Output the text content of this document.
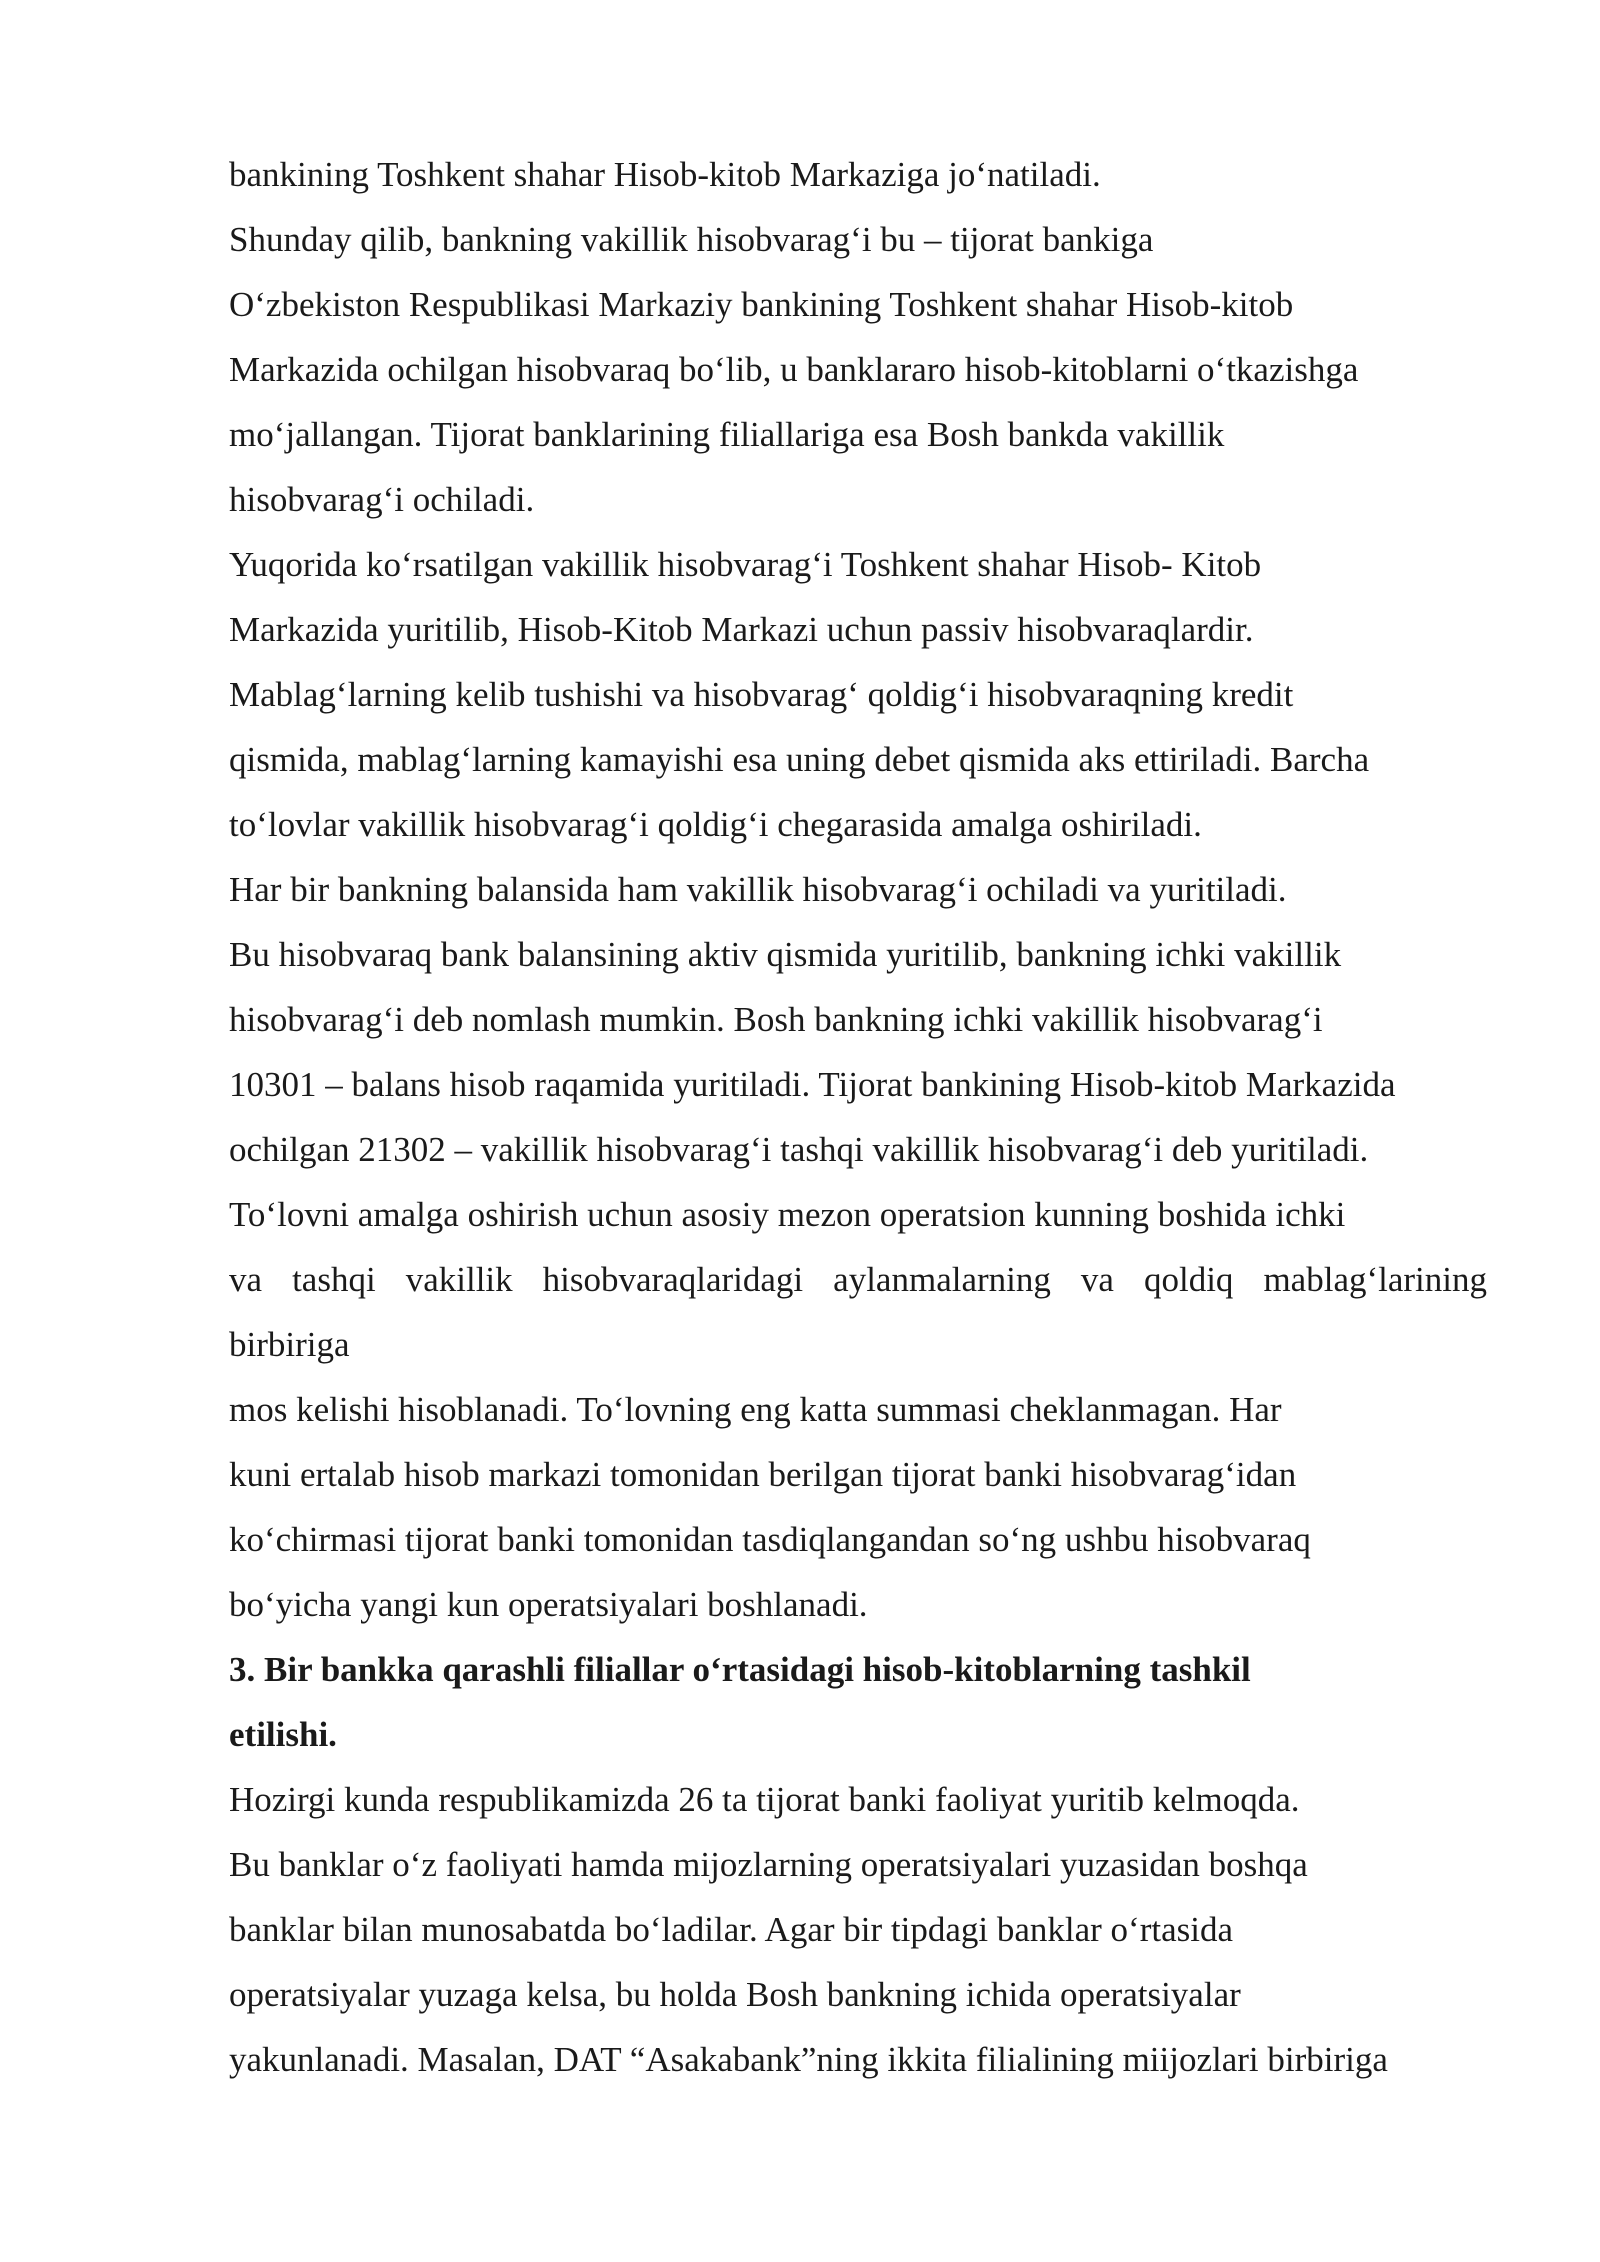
bankining Toshkent shahar Hisob-kitob Markaziga jo‘natiladi.

Shunday qilib, bankning vakillik hisobvarag‘i bu – tijorat bankiga

O‘zbekiston Respublikasi Markaziy bankining Toshkent shahar Hisob-kitob

Markazida ochilgan hisobvaraq bo‘lib, u banklararo hisob-kitoblarni o‘tkazishga

mo‘jallangan. Tijorat banklarining filiallariga esa Bosh bankda vakillik

hisobvarag‘i ochiladi.

Yuqorida ko‘rsatilgan vakillik hisobvarag‘i Toshkent shahar Hisob- Kitob

Markazida yuritilib, Hisob-Kitob Markazi uchun passiv hisobvaraqlardir.

Mablag‘larning kelib tushishi va hisobvarag‘ qoldig‘i hisobvaraqning kredit

qismida, mablag‘larning kamayishi esa uning debet qismida aks ettiriladi. Barcha

to‘lovlar vakillik hisobvarag‘i qoldig‘i chegarasida amalga oshiriladi.

Har bir bankning balansida ham vakillik hisobvarag‘i ochiladi va yuritiladi.

Bu hisobvaraq bank balansining aktiv qismida yuritilib, bankning ichki vakillik

hisobvarag‘i deb nomlash mumkin. Bosh bankning ichki vakillik hisobvarag‘i

10301 – balans hisob raqamida yuritiladi. Tijorat bankining Hisob-kitob Markazida

ochilgan 21302 – vakillik hisobvarag‘i tashqi vakillik hisobvarag‘i deb yuritiladi.

To‘lovni amalga oshirish uchun asosiy mezon operatsion kunning boshida ichki

va tashqi vakillik hisobvaraqlaridagi aylanmalarning va qoldiq mablag‘larining

birbiriga

mos kelishi hisoblanadi. To‘lovning eng katta summasi cheklanmagan. Har

kuni ertalab hisob markazi tomonidan berilgan tijorat banki hisobvarag‘idan

ko‘chirmasi tijorat banki tomonidan tasdiqlangandan so‘ng ushbu hisobvaraq

bo‘yicha yangi kun operatsiyalari boshlanadi.

3. Bir bankka qarashli filiallar o‘rtasidagi hisob-kitoblarning tashkil

etilishi.

Hozirgi kunda respublikamizda 26 ta tijorat banki faoliyat yuritib kelmoqda.

Bu banklar o‘z faoliyati hamda mijozlarning operatsiyalari yuzasidan boshqa

banklar bilan munosabatda bo‘ladilar. Agar bir tipdagi banklar o‘rtasida

operatsiyalar yuzaga kelsa, bu holda Bosh bankning ichida operatsiyalar

yakunlanadi. Masalan, DAT “Asakabank”ning ikkita filialining miijozlari birbiriga
